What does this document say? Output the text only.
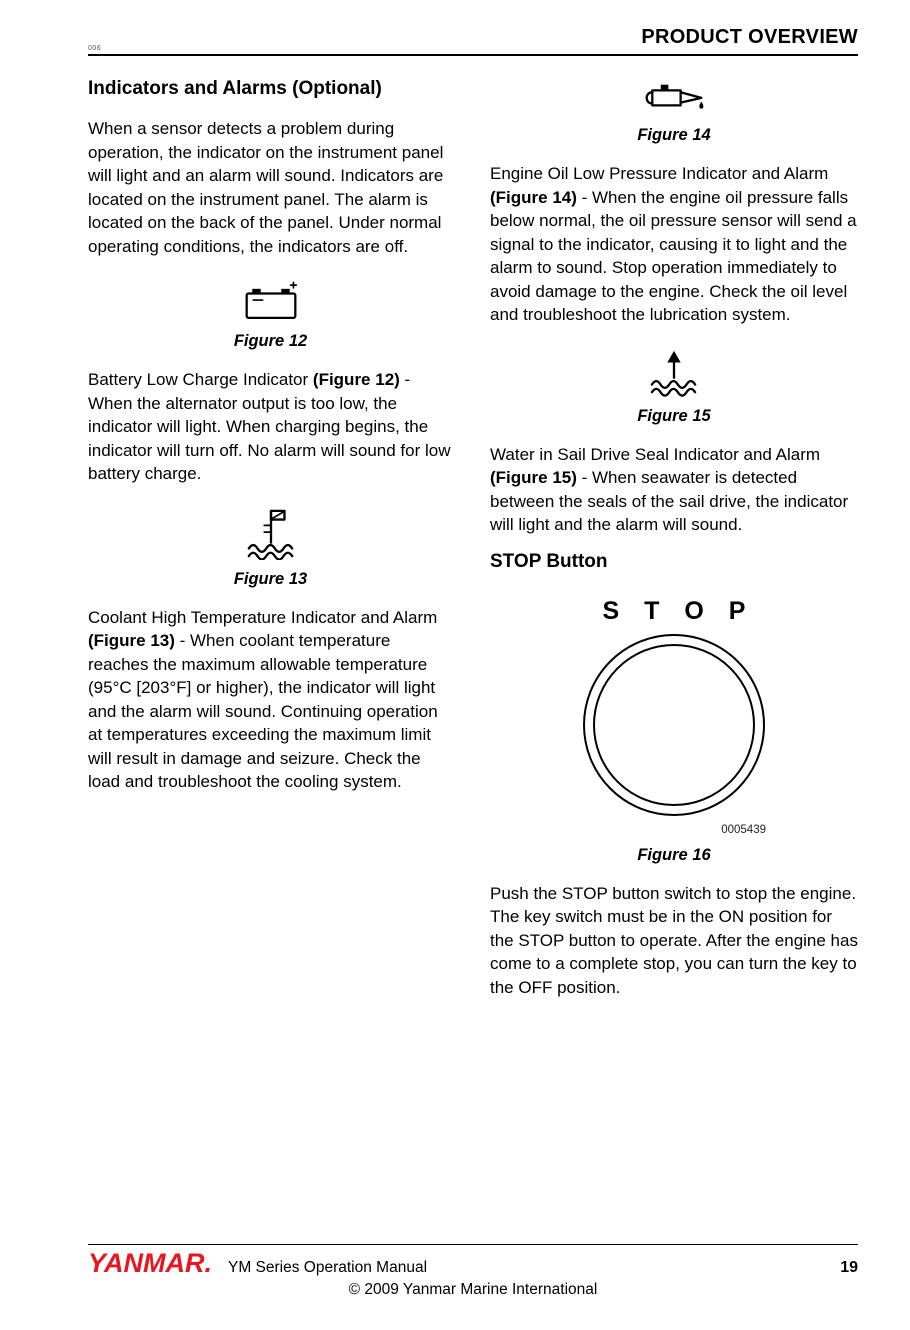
PRODUCT OVERVIEW
006
Indicators and Alarms (Optional)

When a sensor detects a problem during operation, the indicator on the instrument panel will light and an alarm will sound. Indicators are located on the instrument panel. The alarm is located on the back of the panel. Under normal operating conditions, the indicators are off.

Figure 12

Battery Low Charge Indicator (Figure 12) - When the alternator output is too low, the indicator will light. When charging begins, the indicator will turn off. No alarm will sound for low battery charge.

Figure 13

Coolant High Temperature Indicator and Alarm (Figure 13) - When coolant temperature reaches the maximum allowable temperature (95°C [203°F] or higher), the indicator will light and the alarm will sound. Continuing operation at temperatures exceeding the maximum limit will result in damage and seizure. Check the load and troubleshoot the cooling system.

Figure 14

Engine Oil Low Pressure Indicator and Alarm (Figure 14) - When the engine oil pressure falls below normal, the oil pressure sensor will send a signal to the indicator, causing it to light and the alarm to sound. Stop operation immediately to avoid damage to the engine. Check the oil level and troubleshoot the lubrication system.

Figure 15

Water in Sail Drive Seal Indicator and Alarm (Figure 15) - When seawater is detected between the seals of the sail drive, the indicator will light and the alarm will sound.

STOP Button
S T O P
0005439
Figure 16

Push the STOP button switch to stop the engine. The key switch must be in the ON position for the STOP button to operate. After the engine has come to a complete stop, you can turn the key to the OFF position.

YANMAR. YM Series Operation Manual	19
© 2009 Yanmar Marine International
